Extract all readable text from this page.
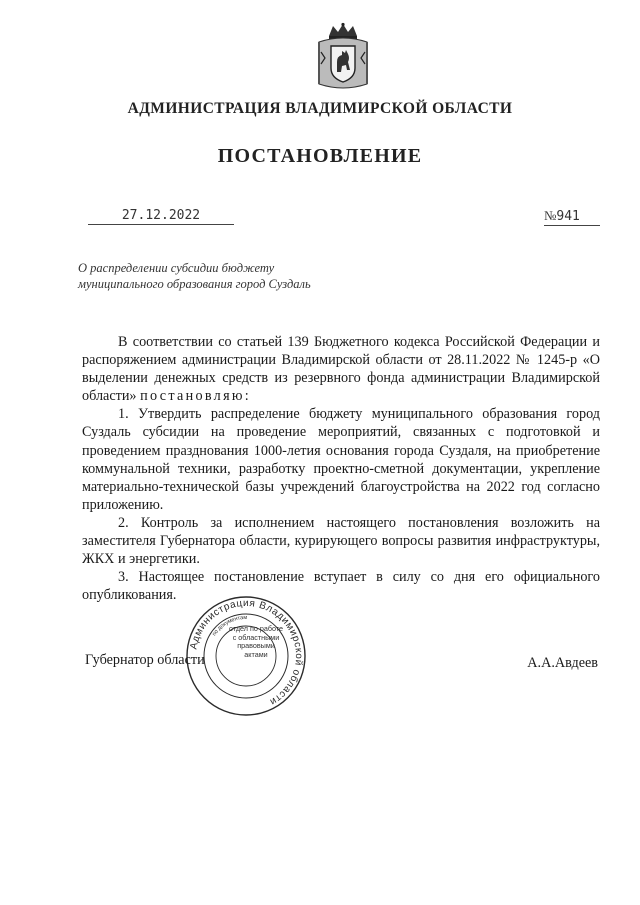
АДМИНИСТРАЦИЯ ВЛАДИМИРСКОЙ ОБЛАСТИ
ПОСТАНОВЛЕНИЕ
27.12.2022	№941
О распределении субсидии бюджету
муниципального образования город Суздаль

В соответствии со статьей 139 Бюджетного кодекса Российской Федерации и распоряжением администрации Владимирской области от 28.11.2022 № 1245-р «О выделении денежных средств из резервного фонда администрации Владимирской области» постановляю:

1. Утвердить распределение бюджету муниципального образования город Суздаль субсидии на проведение мероприятий, связанных с подготовкой и проведением празднования 1000-летия основания города Суздаля, на приобретение коммунальной техники, разработку проектно-сметной документации, укрепление материально-технической базы учреждений благоустройства на 2022 год согласно приложению.

2. Контроль за исполнением настоящего постановления возложить на заместителя Губернатора области, курирующего вопросы развития инфраструктуры, ЖКХ и энергетики.

3. Настоящее постановление вступает в силу со дня его официального опубликования.

Администрация Владимирской области
по документам
отдел по работе с областными правовыми актами
Губернатор области	А.А.Авдеев
